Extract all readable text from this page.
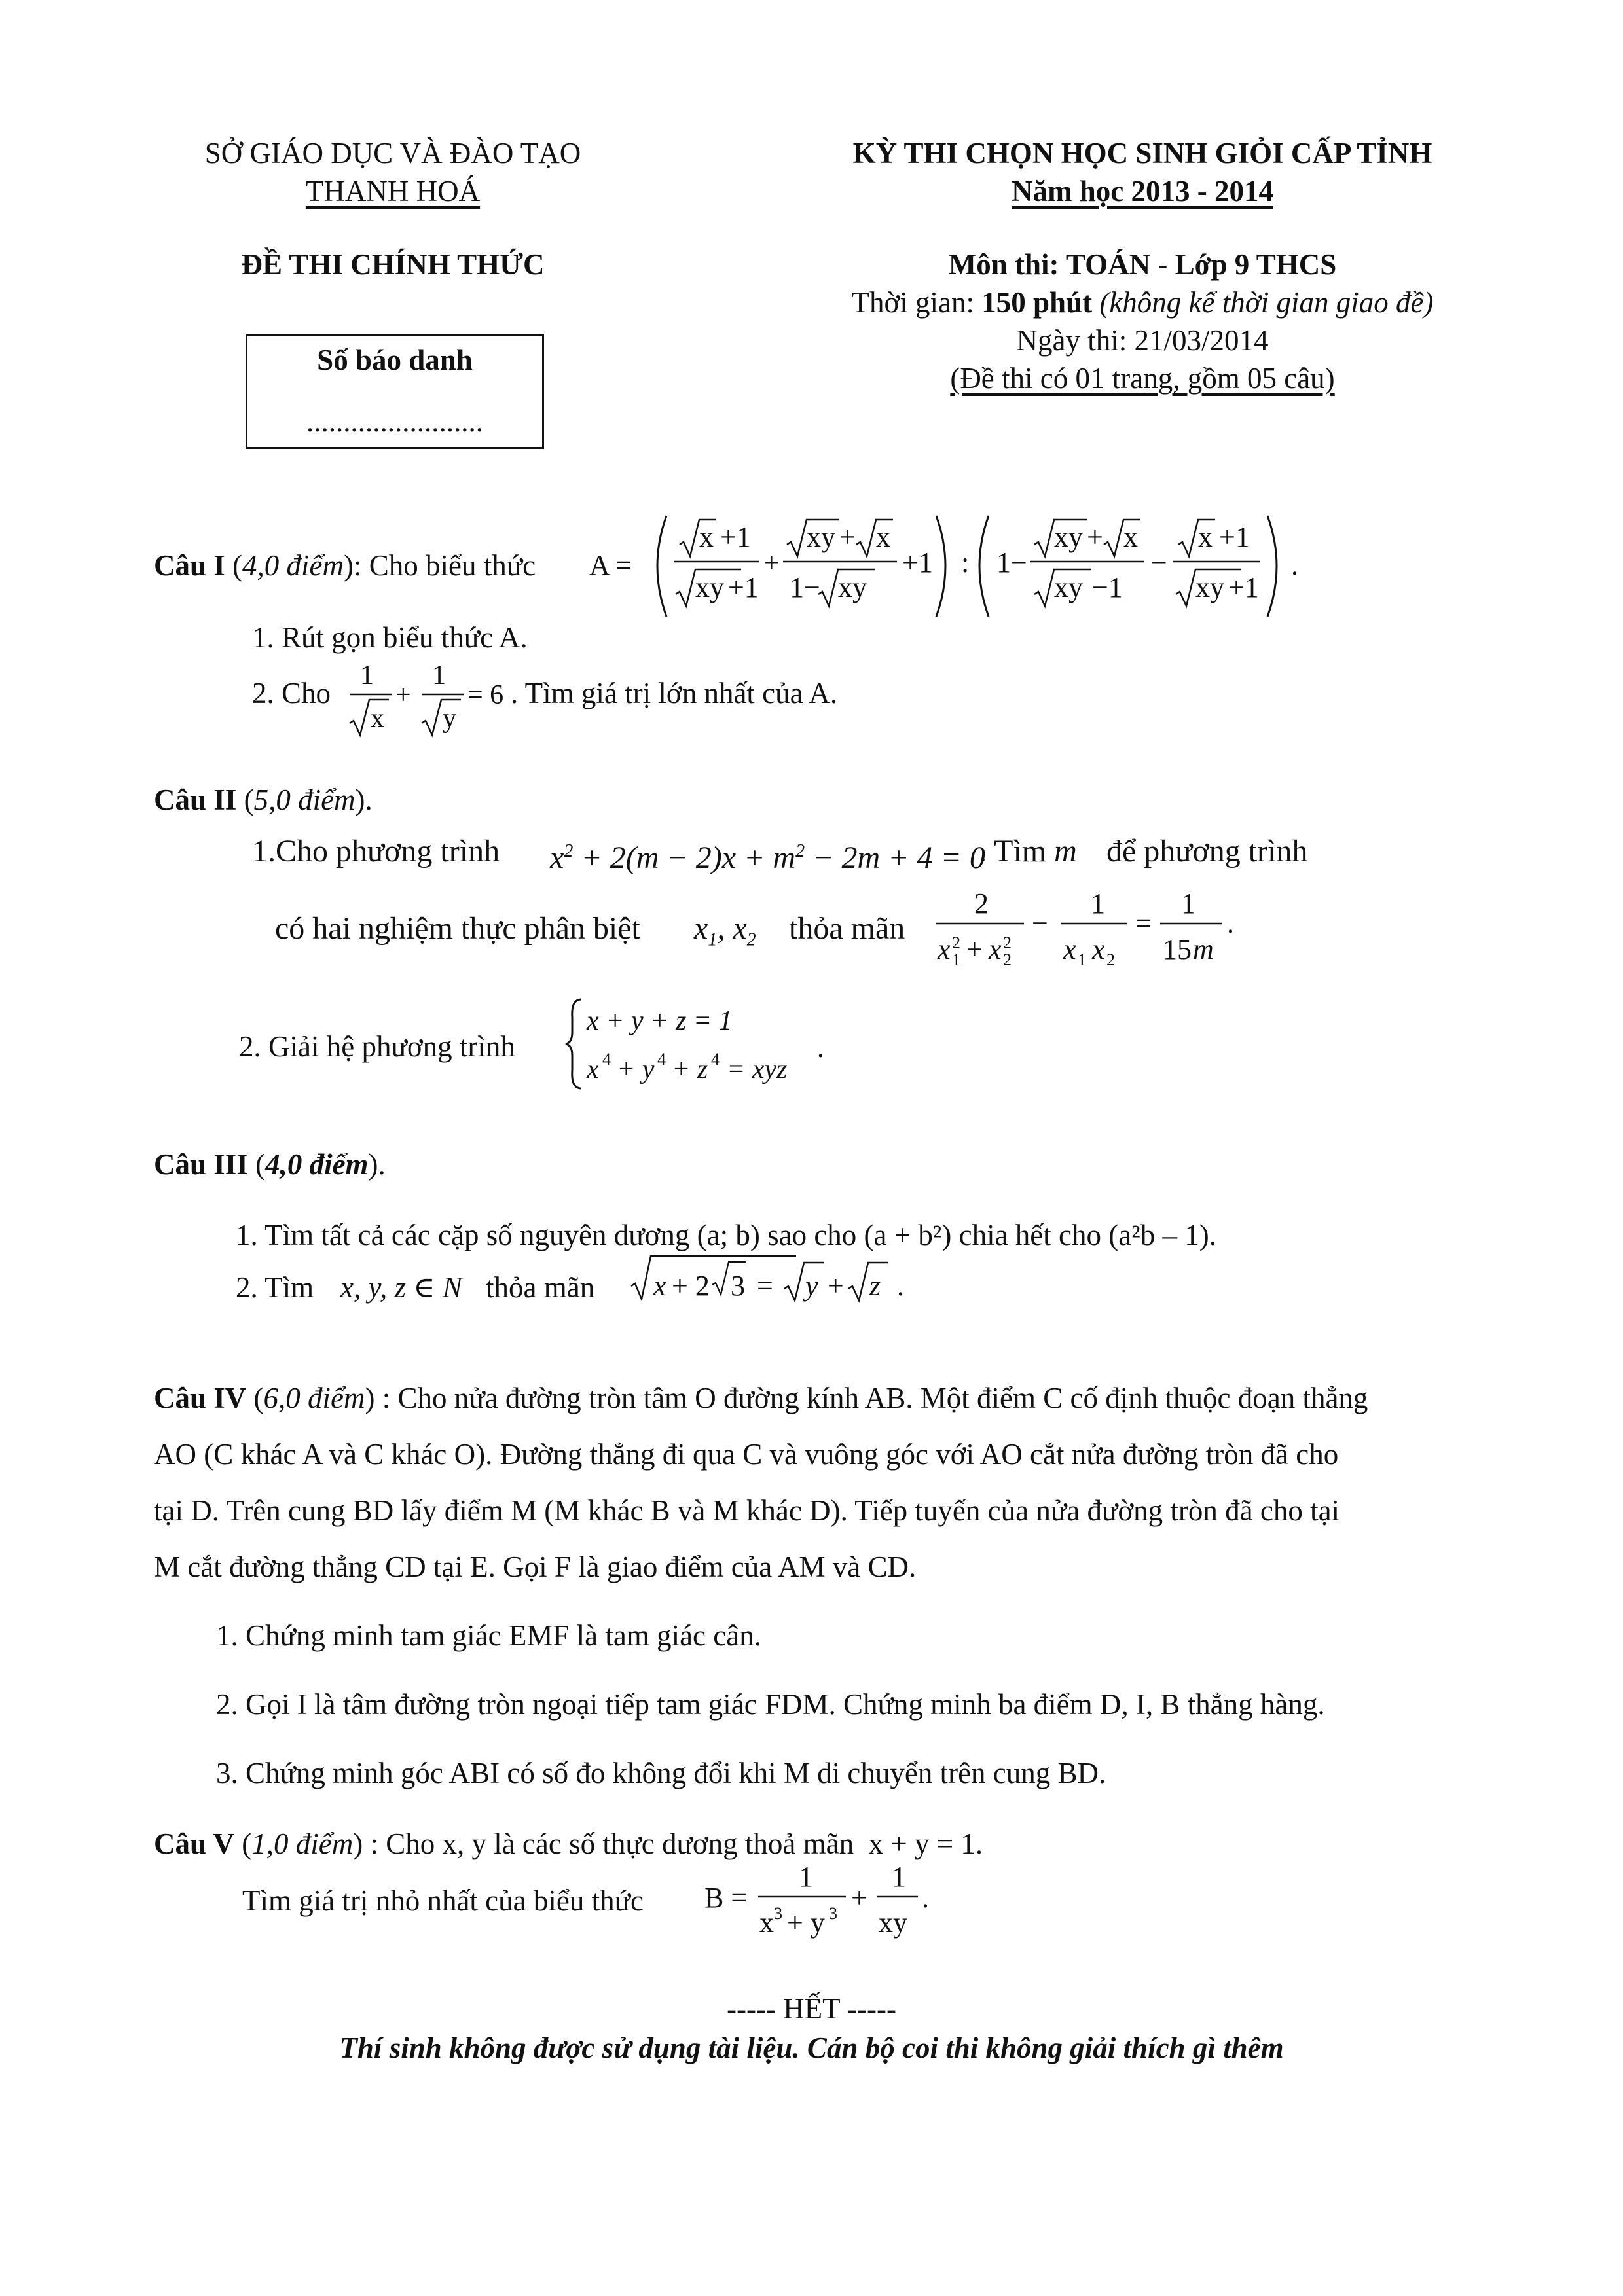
SỞ GIÁO DỤC VÀ ĐÀO TẠO
THANH HOÁ
ĐỀ THI CHÍNH THỨC
Số báo danh
........................
KỲ THI CHỌN HỌC SINH GIỎI CẤP TỈNH
Năm học 2013 - 2014
Môn thi: TOÁN - Lớp 9 THCS
Thời gian: 150 phút (không kể thời gian giao đề)
Ngày thi: 21/03/2014
(Đề thi có 01 trang, gồm 05 câu)
Câu I (4,0 điểm): Cho biểu thức A =
x +1
xy +1
+
xy + x
1− xy
+1 : 1−
xy + x
xy −1
−
x +1
xy +1
.
1. Rút gọn biểu thức A.
2. Cho
1
x
+
1
y
= 6 . Tìm giá trị lớn nhất của A.
Câu II (5,0 điểm).
1.Cho phương trình $x^2 + 2(m - 2)x + m^2 - 2m + 4 = 0$
. Tìm m để phương trình
có hai nghiệm thực phân biệt $x_1$, $x_2$ thỏa mãn
2
x 2
1 + x 2
2
−
1
x 1 x 2
=
1
15 m
.
2. Giải hệ phương trình
x + y + z = 1
x 4 + y 4 + z 4 = xyz
.
Câu III (4,0 điểm).
1. Tìm tất cả các cặp số nguyên dương (a; b) sao cho (a + b²) chia hết cho (a²b – 1).
2. Tìm x, y, z ∈ N thỏa mãn x + 2 3 = y + z .
Câu IV (6,0 điểm) : Cho nửa đường tròn tâm O đường kính AB. Một điểm C cố định thuộc đoạn thẳng
AO (C khác A và C khác O). Đường thẳng đi qua C và vuông góc với AO cắt nửa đường tròn đã cho
tại D. Trên cung BD lấy điểm M (M khác B và M khác D). Tiếp tuyến của nửa đường tròn đã cho tại
M cắt đường thẳng CD tại E. Gọi F là giao điểm của AM và CD.
1. Chứng minh tam giác EMF là tam giác cân.
2. Gọi I là tâm đường tròn ngoại tiếp tam giác FDM. Chứng minh ba điểm D, I, B thẳng hàng.
3. Chứng minh góc ABI có số đo không đổi khi M di chuyển trên cung BD.
Câu V (1,0 điểm) : Cho x, y là các số thực dương thoả mãn x + y = 1.
Tìm giá trị nhỏ nhất của biểu thức B =
1
x 3 + y 3 +
1
xy
.
----- HẾT -----
Thí sinh không được sử dụng tài liệu. Cán bộ coi thi không giải thích gì thêm
